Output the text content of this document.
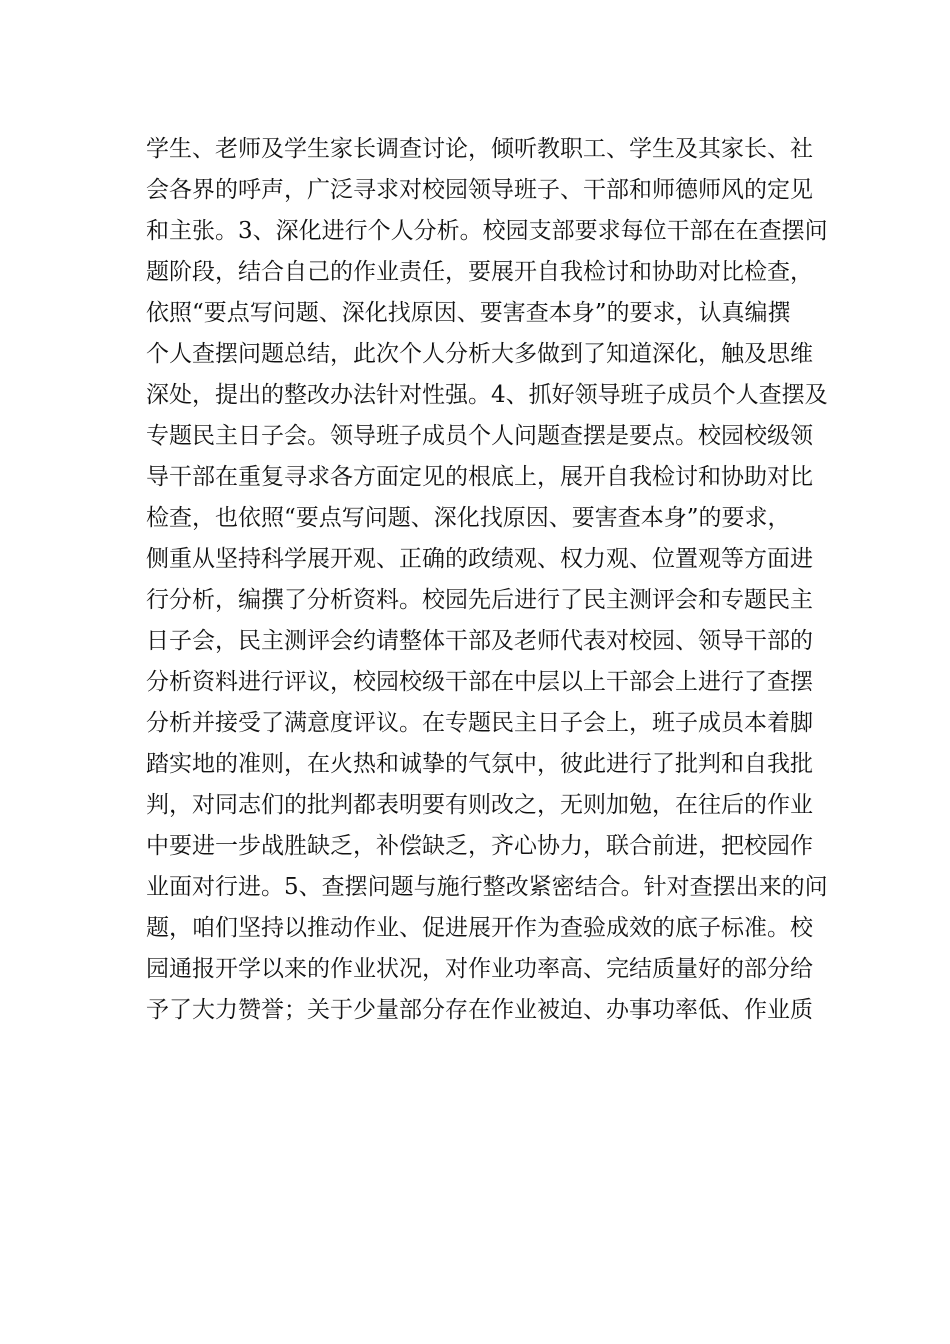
学生、老师及学生家长调查讨论，倾听教职工、学生及其家长、社
会各界的呼声，广泛寻求对校园领导班子、干部和师德师风的定见
和主张。3、深化进行个人分析。校园支部要求每位干部在在查摆问
题阶段，结合自己的作业责任，要展开自我检讨和协助对比检查，
依照“要点写问题、深化找原因、要害查本身”的要求，认真编撰
个人查摆问题总结，此次个人分析大多做到了知道深化，触及思维
深处，提出的整改办法针对性强。4、抓好领导班子成员个人查摆及
专题民主日子会。领导班子成员个人问题查摆是要点。校园校级领
导干部在重复寻求各方面定见的根底上，展开自我检讨和协助对比
检查，也依照“要点写问题、深化找原因、要害查本身”的要求，
侧重从坚持科学展开观、正确的政绩观、权力观、位置观等方面进
行分析，编撰了分析资料。校园先后进行了民主测评会和专题民主
日子会，民主测评会约请整体干部及老师代表对校园、领导干部的
分析资料进行评议，校园校级干部在中层以上干部会上进行了查摆
分析并接受了满意度评议。在专题民主日子会上，班子成员本着脚
踏实地的准则，在火热和诚挚的气氛中，彼此进行了批判和自我批
判，对同志们的批判都表明要有则改之，无则加勉，在往后的作业
中要进一步战胜缺乏，补偿缺乏，齐心协力，联合前进，把校园作
业面对行进。5、查摆问题与施行整改紧密结合。针对查摆出来的问
题，咱们坚持以推动作业、促进展开作为查验成效的底子标准。校
园通报开学以来的作业状况，对作业功率高、完结质量好的部分给
予了大力赞誉；关于少量部分存在作业被迫、办事功率低、作业质
